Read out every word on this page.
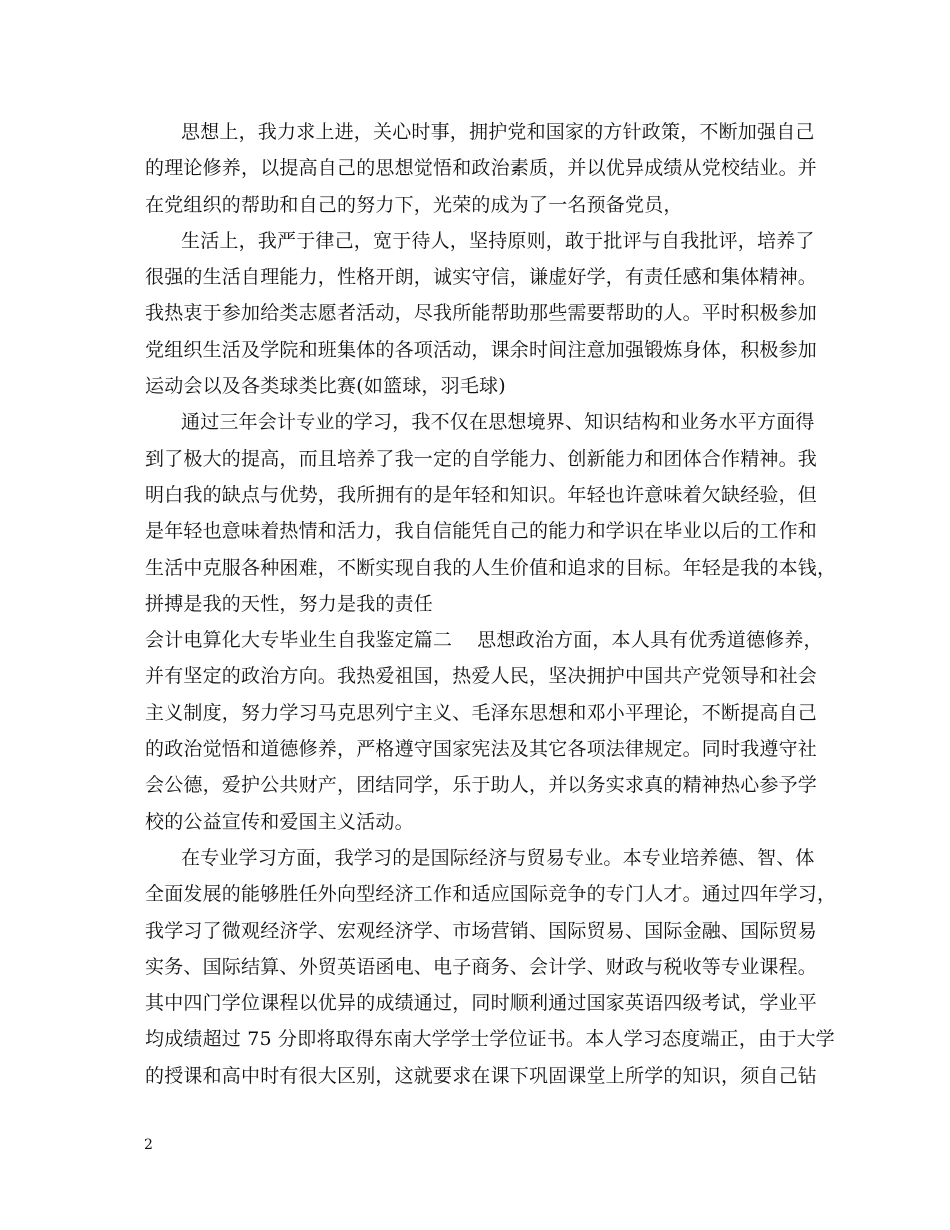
思想上，我力求上进，关心时事，拥护党和国家的方针政策，不断加强自己
的理论修养，以提高自己的思想觉悟和政治素质，并以优异成绩从党校结业。并
在党组织的帮助和自己的努力下，光荣的成为了一名预备党员，
生活上，我严于律己，宽于待人，坚持原则，敢于批评与自我批评，培养了
很强的生活自理能力，性格开朗，诚实守信，谦虚好学，有责任感和集体精神。
我热衷于参加给类志愿者活动，尽我所能帮助那些需要帮助的人。平时积极参加
党组织生活及学院和班集体的各项活动，课余时间注意加强锻炼身体，积极参加
运动会以及各类球类比赛(如篮球，羽毛球)
通过三年会计专业的学习，我不仅在思想境界、知识结构和业务水平方面得
到了极大的提高，而且培养了我一定的自学能力、创新能力和团体合作精神。我
明白我的缺点与优势，我所拥有的是年轻和知识。年轻也许意味着欠缺经验，但
是年轻也意味着热情和活力，我自信能凭自己的能力和学识在毕业以后的工作和
生活中克服各种困难，不断实现自我的人生价值和追求的目标。年轻是我的本钱，
拼搏是我的天性，努力是我的责任
会计电算化大专毕业生自我鉴定篇二    思想政治方面，本人具有优秀道德修养，
并有坚定的政治方向。我热爱祖国，热爱人民，坚决拥护中国共产党领导和社会
主义制度，努力学习马克思列宁主义、毛泽东思想和邓小平理论，不断提高自己
的政治觉悟和道德修养，严格遵守国家宪法及其它各项法律规定。同时我遵守社
会公德，爱护公共财产，团结同学，乐于助人，并以务实求真的精神热心参予学
校的公益宣传和爱国主义活动。
在专业学习方面，我学习的是国际经济与贸易专业。本专业培养德、智、体
全面发展的能够胜任外向型经济工作和适应国际竞争的专门人才。通过四年学习，
我学习了微观经济学、宏观经济学、市场营销、国际贸易、国际金融、国际贸易
实务、国际结算、外贸英语函电、电子商务、会计学、财政与税收等专业课程。
其中四门学位课程以优异的成绩通过，同时顺利通过国家英语四级考试，学业平
均成绩超过 75 分即将取得东南大学学士学位证书。本人学习态度端正，由于大学
的授课和高中时有很大区别，这就要求在课下巩固课堂上所学的知识，须自己钻
2
